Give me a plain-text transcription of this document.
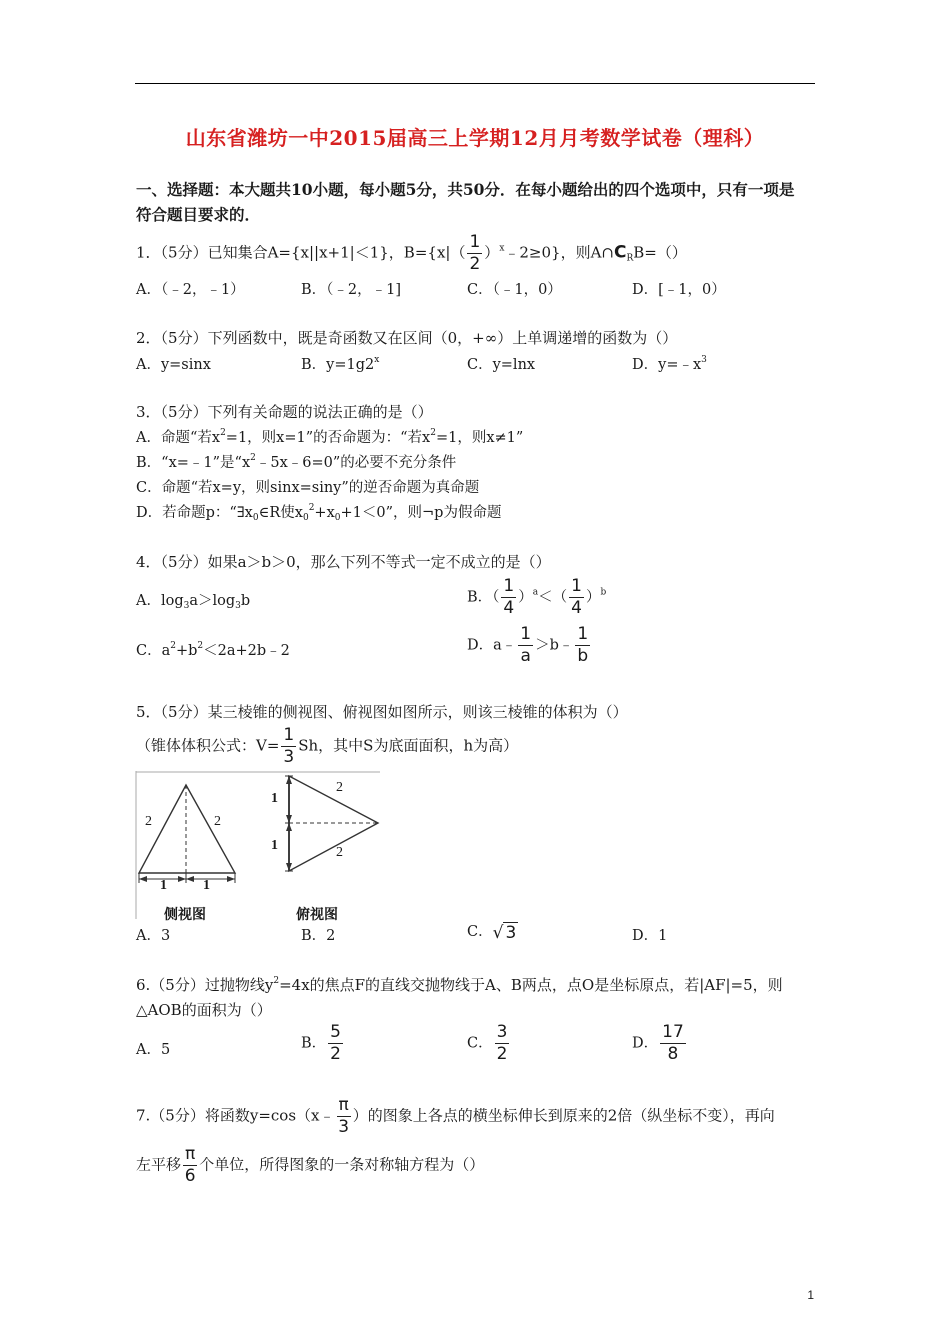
山东省潍坊一中2015届高三上学期12月月考数学试卷（理科）
一、选择题：本大题共10小题，每小题5分，共50分．在每小题给出的四个选项中，只有一项是
符合题目要求的．
1．（5分）已知集合A={x||x+1|＜1}，$B=\{x|( \frac{1}{2}$ ）$^x﹣2\ge 0$}，则$A\cap C_RB=()$
A．（﹣2，﹣1）	B．（﹣2，﹣1]	C．（﹣1，0）	D．[﹣1，0）
2．（5分）下列函数中，既是奇函数又在区间（0，+∞）上单调递增的函数为（）
A．y=sinx	B．$y=1g2^x$	C．y=lnx	D．$y=﹣x^3$
3．（5分）下列有关命题的说法正确的是（）
A．命题“若$x^2=1$，则x=1”的否命题为：“若$x^2=1$，则x≠1”
B．“x=﹣1”是“$x^2﹣5x﹣6=0$”的必要不充分条件
C．命题“若x=y，则sinx=siny”的逆否命题为真命题
D．若命题p：“$\exists x_0\in R$使$x_0^2+x_0+1<0$”，则¬p为假命题
4．（5分）如果a＞b＞0，那么下列不等式一定不成立的是（）
A．$\log_3a>\log_3b$	B．（ $\frac{1}{4} )^a<( \frac{1}{4} )^b$
C．$a^2+b^2<2a+2b﹣2$	D．a﹣ $\frac{1}{a}$ ＞b﹣ $\frac{1}{b}$
5．（5分）某三棱锥的侧视图、俯视图如图所示，则该三棱锥的体积为（）
（锥体体积公式：$V= \frac{1}{3}$ Sh，其中S为底面面积，h为高）
2	2
1	1
侧视图
2
2
1
1
俯视图
A．3	B．2	C． √ 3	D．1
6.（5分）过抛物线$y^2=4x$的焦点F的直线交抛物线于A、B两点，点O是坐标原点，若|AF|=5，则
△AOB的面积为（）
A．5	B． $\frac{5}{2}$	C． $\frac{3}{2}$	D． $\frac{17}{8}$
7.（5分）将函数y=cos（x﹣ $\frac{\pi}{3}$ ）的图象上各点的横坐标伸长到原来的2倍（纵坐标不变），再向
左平移 $\frac{\pi}{6}$ 个单位，所得图象的一条对称轴方程为（）
1
